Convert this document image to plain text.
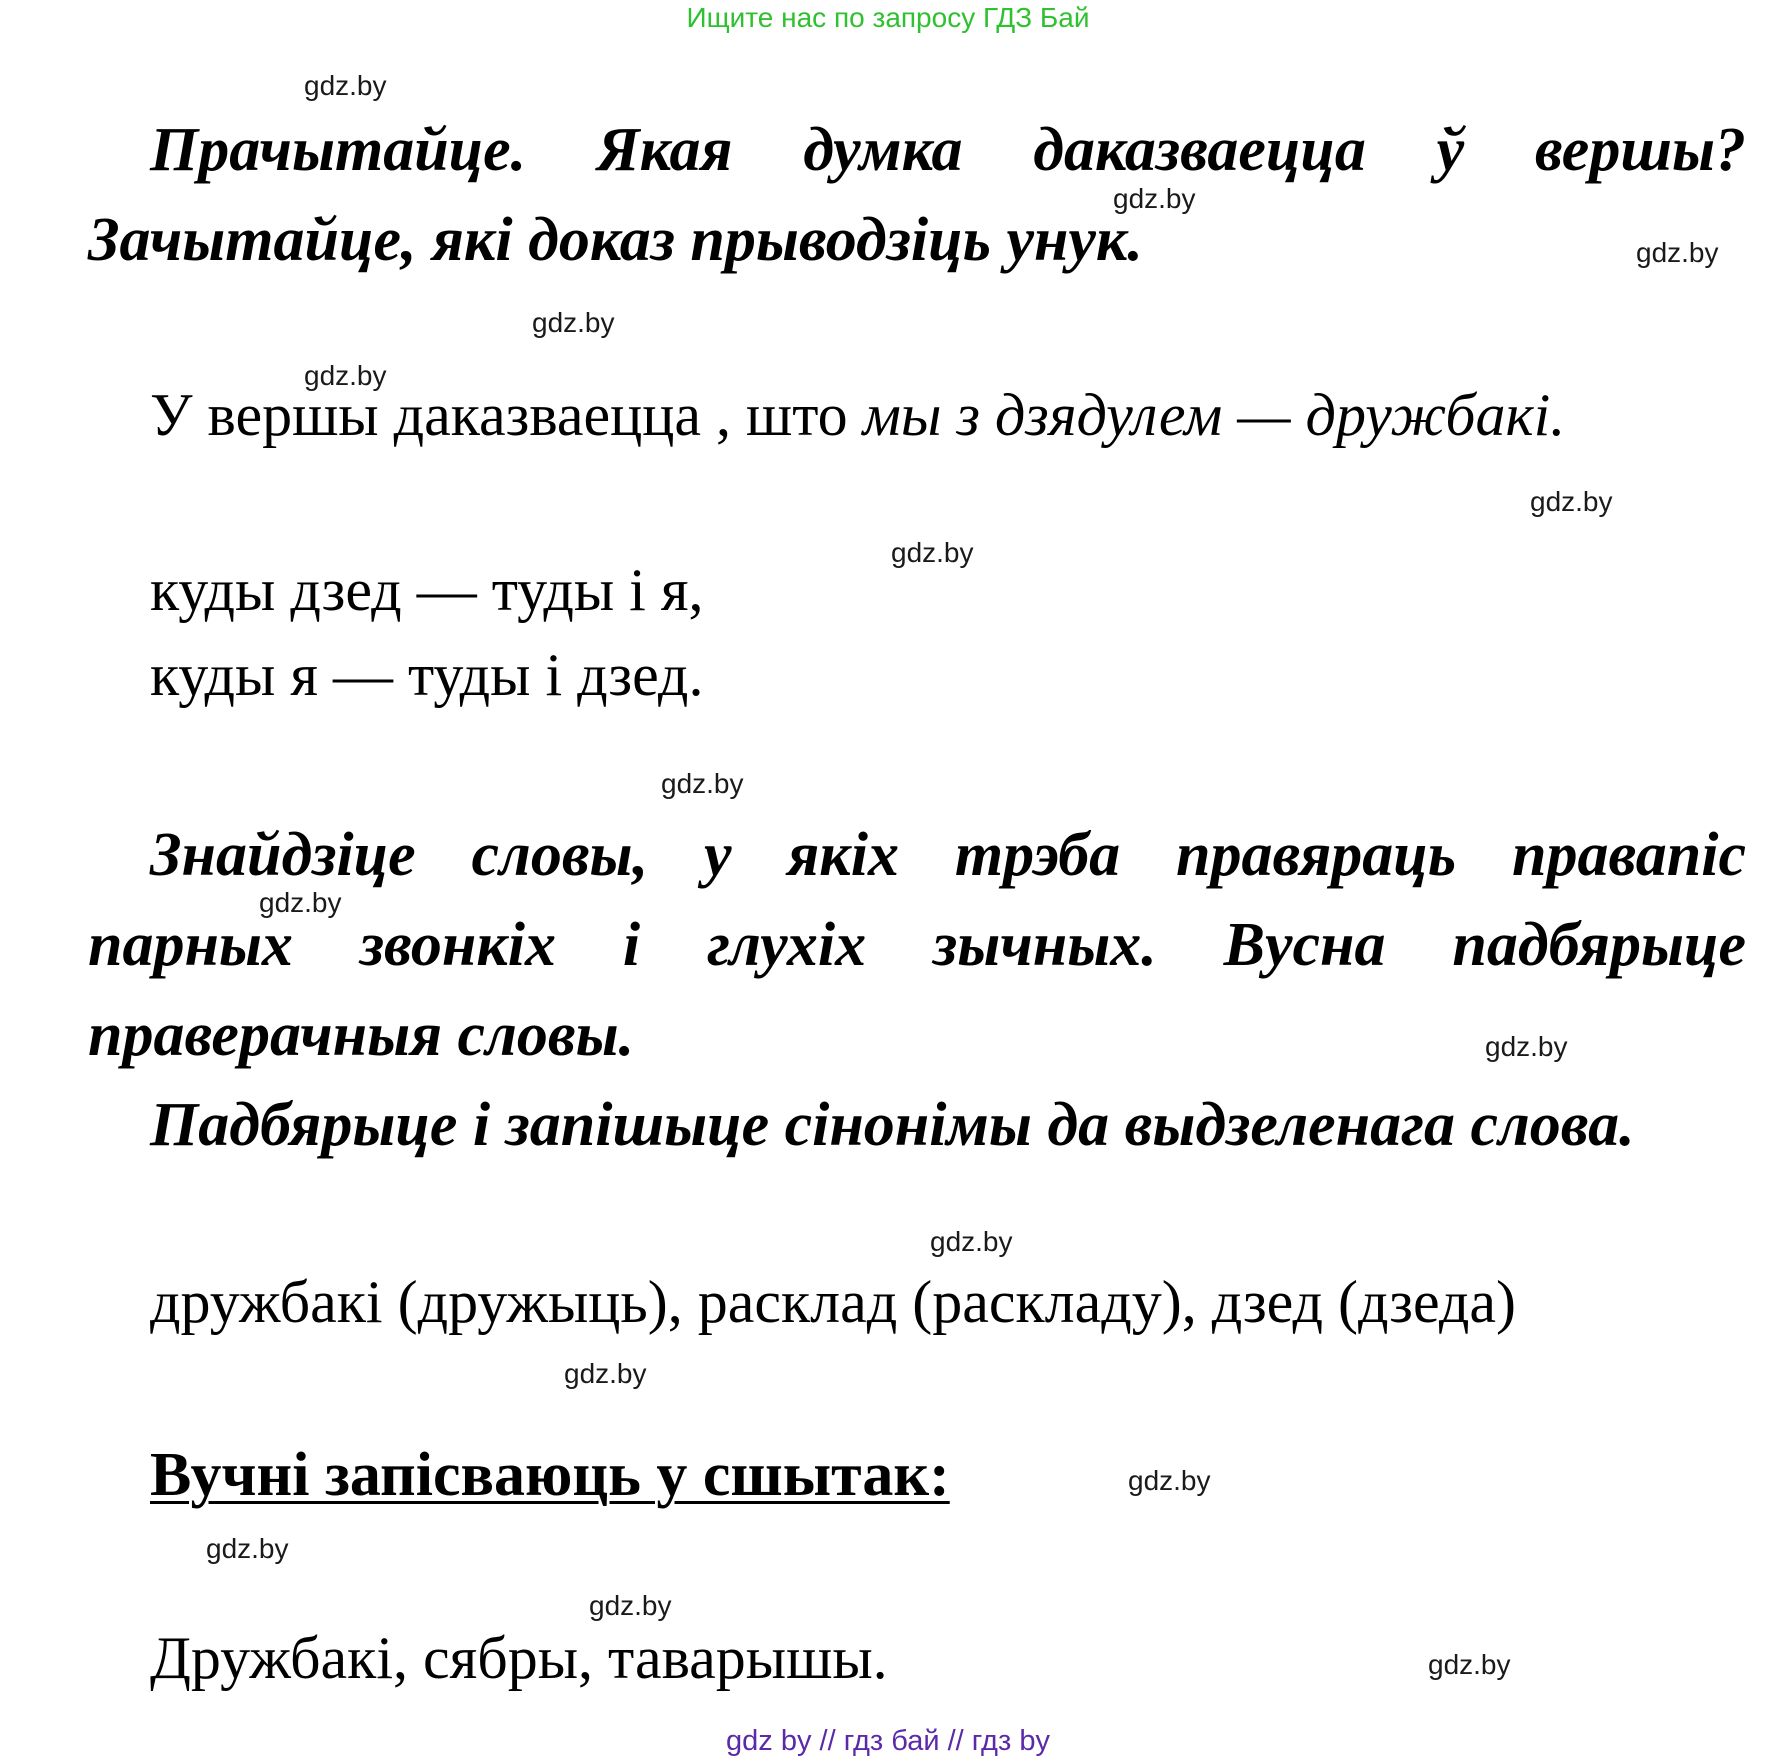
Ищите нас по запросу ГДЗ Бай
gdz.by
gdz.by
gdz.by
gdz.by
gdz.by
gdz.by
gdz.by
gdz.by
gdz.by
gdz.by
gdz.by
gdz.by
gdz.by
gdz.by
gdz.by
gdz.by
Прачытайце. Якая думка даказваецца ў вершы?
Зачытайце, які доказ прыводзіць унук.
У вершы даказваецца , што мы з дзядулем — дружбакі.
куды дзед — туды і я,
куды я — туды і дзед.
Знайдзіце словы, у якіх трэба правяраць правапіс
парных звонкіх і глухіх зычных. Вусна падбярыце
праверачныя словы.
Падбярыце і запішыце сінонімы да выдзеленага слова.
дружбакі (дружыць), расклад (раскладу), дзед (дзеда)
Вучні запісваюць у сшытак:
Дружбакі, сябры, таварышы.
gdz by // гдз бай // гдз by
